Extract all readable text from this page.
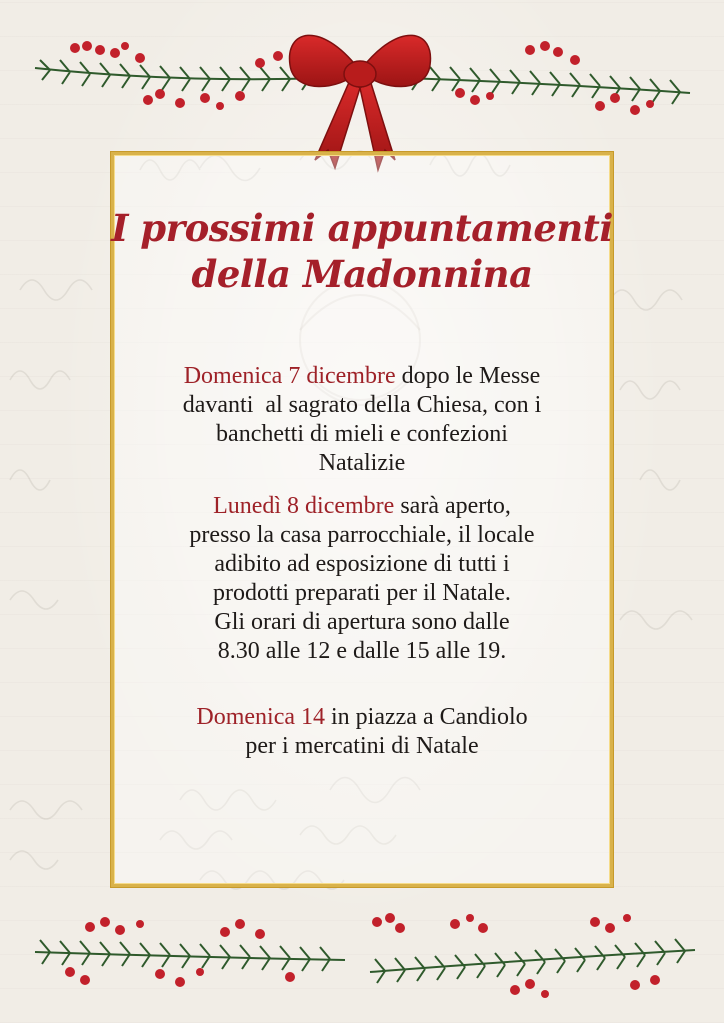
I prossimi appuntamenti
della Madonnina
Domenica 7 dicembre dopo le Messe
davanti  al sagrato della Chiesa, con i
banchetti di mieli e confezioni
Natalizie
Lunedì 8 dicembre sarà aperto,
presso la casa parrocchiale, il locale
adibito ad esposizione di tutti i
prodotti preparati per il Natale.
Gli orari di apertura sono dalle
8.30 alle 12 e dalle 15 alle 19.
Domenica 14 in piazza a Candiolo
per i mercatini di Natale
